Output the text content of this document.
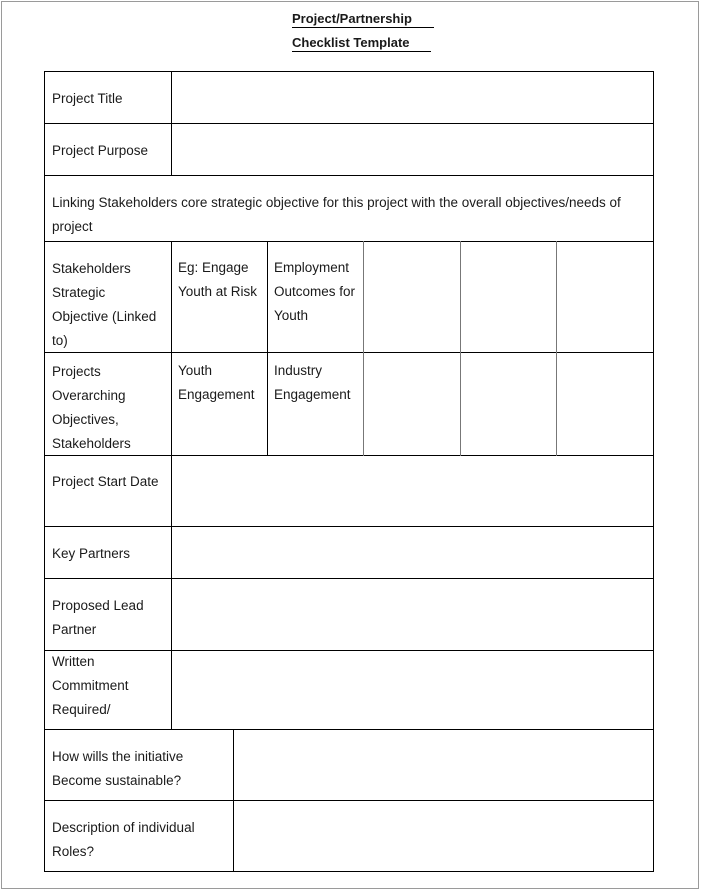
Project/Partnership
Checklist Template
Project Title
Project Purpose
Linking Stakeholders core strategic objective for this project with the overall objectives/needs of project
Stakeholders Strategic Objective (Linked to)
Eg: Engage Youth at Risk
Employment Outcomes for Youth
Projects Overarching Objectives, Stakeholders
Youth Engagement
Industry Engagement
Project Start Date
Key Partners
Proposed Lead Partner
Written Commitment Required/
How wills the initiative Become sustainable?
Description of individual Roles?
